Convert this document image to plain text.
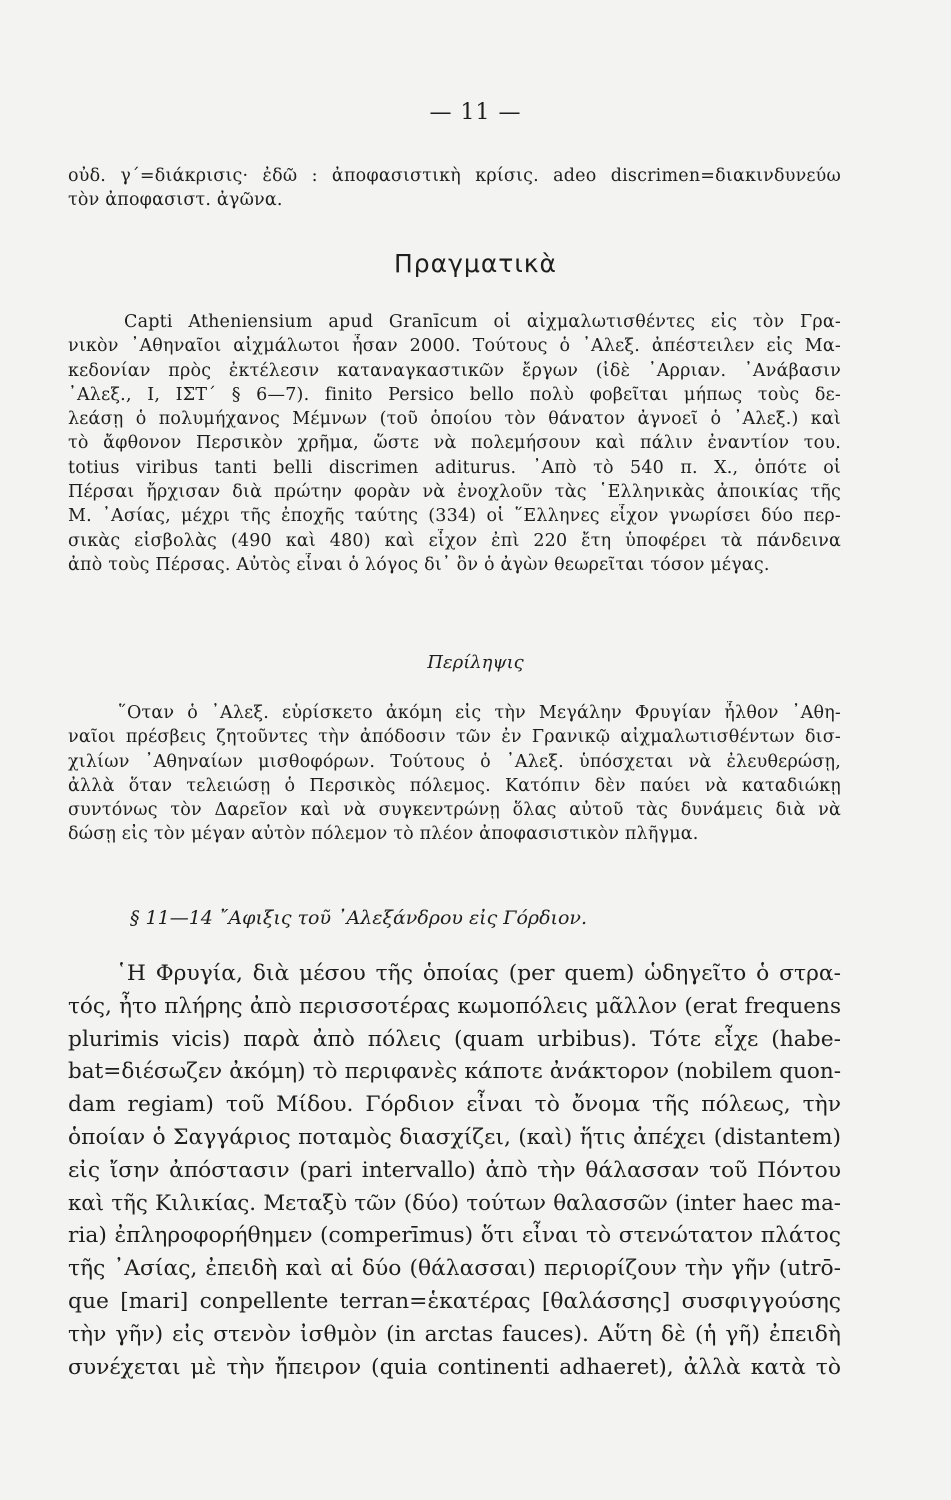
— 11 —
οὐδ. γ΄=διάκρισις· ἐδῶ : ἀποφασιστικὴ κρίσις. adeo discrimen=διακινδυνεύω
τὸν ἀποφασιστ. ἀγῶνα.
Πραγματικὰ
Capti Atheniensium apud Granīcum οἱ αἰχμαλωτισθέντες εἰς τὸν Γρα-
νικὸν ᾿Αθηναῖοι αἰχμάλωτοι ἦσαν 2000. Τούτους ὁ ᾿Αλεξ. ἀπέστειλεν εἰς Μα-
κεδονίαν πρὸς ἐκτέλεσιν καταναγκαστικῶν ἔργων (ἰδὲ ᾿Αρριαν. ᾿Ανάβασιν
᾿Αλεξ., Ι, ΙΣΤ΄ § 6—7). finito Persico bello πολὺ φοβεῖται μήπως τοὺς δε-
λεάσῃ ὁ πολυμήχανος Μέμνων (τοῦ ὁποίου τὸν θάνατον ἀγνοεῖ ὁ ᾿Αλεξ.) καὶ
τὸ ἄφθονον Περσικὸν χρῆμα, ὥστε νὰ πολεμήσουν καὶ πάλιν ἐναντίον του.
totius viribus tanti belli discrimen aditurus. ᾿Απὸ τὸ 540 π. Χ., ὁπότε οἱ
Πέρσαι ἤρχισαν διὰ πρώτην φορὰν νὰ ἐνοχλοῦν τὰς ῾Ελληνικὰς ἀποικίας τῆς
Μ. ᾿Ασίας, μέχρι τῆς ἐποχῆς ταύτης (334) οἱ ῞Ελληνες εἶχον γνωρίσει δύο περ-
σικὰς εἰσβολὰς (490 καὶ 480) καὶ εἶχον ἐπὶ 220 ἔτη ὑποφέρει τὰ πάνδεινα
ἀπὸ τοὺς Πέρσας. Αὐτὸς εἶναι ὁ λόγος δι᾿ ὃν ὁ ἀγὼν θεωρεῖται τόσον μέγας.
Περίληψις
῞Οταν ὁ ᾿Αλεξ. εὑρίσκετο ἀκόμη εἰς τὴν Μεγάλην Φρυγίαν ἦλθον ᾿Αθη-
ναῖοι πρέσβεις ζητοῦντες τὴν ἀπόδοσιν τῶν ἐν Γρανικῷ αἰχμαλωτισθέντων δισ-
χιλίων ᾿Αθηναίων μισθοφόρων. Τούτους ὁ ᾿Αλεξ. ὑπόσχεται νὰ ἐλευθερώσῃ,
ἀλλὰ ὅταν τελειώσῃ ὁ Περσικὸς πόλεμος. Κατόπιν δὲν παύει νὰ καταδιώκῃ
συντόνως τὸν Δαρεῖον καὶ νὰ συγκεντρώνῃ ὅλας αὐτοῦ τὰς δυνάμεις διὰ νὰ
δώσῃ εἰς τὸν μέγαν αὐτὸν πόλεμον τὸ πλέον ἀποφασιστικὸν πλῆγμα.
§ 11—14 ῎Αφιξις τοῦ ᾿Αλεξάνδρου εἰς Γόρδιον.
῾Η Φρυγία, διὰ μέσου τῆς ὁποίας (per quem) ὡδηγεῖτο ὁ στρα-
τός, ἦτο πλήρης ἀπὸ περισσοτέρας κωμοπόλεις μᾶλλον (erat frequens
plurimis vicis) παρὰ ἀπὸ πόλεις (quam urbibus). Τότε εἶχε (habe-
bat=διέσωζεν ἀκόμη) τὸ περιφανὲς κάποτε ἀνάκτορον (nobilem quon-
dam regiam) τοῦ Μίδου. Γόρδιον εἶναι τὸ ὄνομα τῆς πόλεως, τὴν
ὁποίαν ὁ Σαγγάριος ποταμὸς διασχίζει, (καὶ) ἥτις ἀπέχει (distantem)
εἰς ἴσην ἀπόστασιν (pari intervallo) ἀπὸ τὴν θάλασσαν τοῦ Πόντου
καὶ τῆς Κιλικίας. Μεταξὺ τῶν (δύο) τούτων θαλασσῶν (inter haec ma-
ria) ἐπληροφορήθημεν (comperīmus) ὅτι εἶναι τὸ στενώτατον πλάτος
τῆς ᾿Ασίας, ἐπειδὴ καὶ αἱ δύο (θάλασσαι) περιορίζουν τὴν γῆν (utrō-
que [mari] conpellente terran=ἑκατέρας [θαλάσσης] συσφιγγούσης
τὴν γῆν) εἰς στενὸν ἰσθμὸν (in arctas fauces). Αὕτη δὲ (ἡ γῆ) ἐπειδὴ
συνέχεται μὲ τὴν ἤπειρον (quia continenti adhaeret), ἀλλὰ κατὰ τὸ
